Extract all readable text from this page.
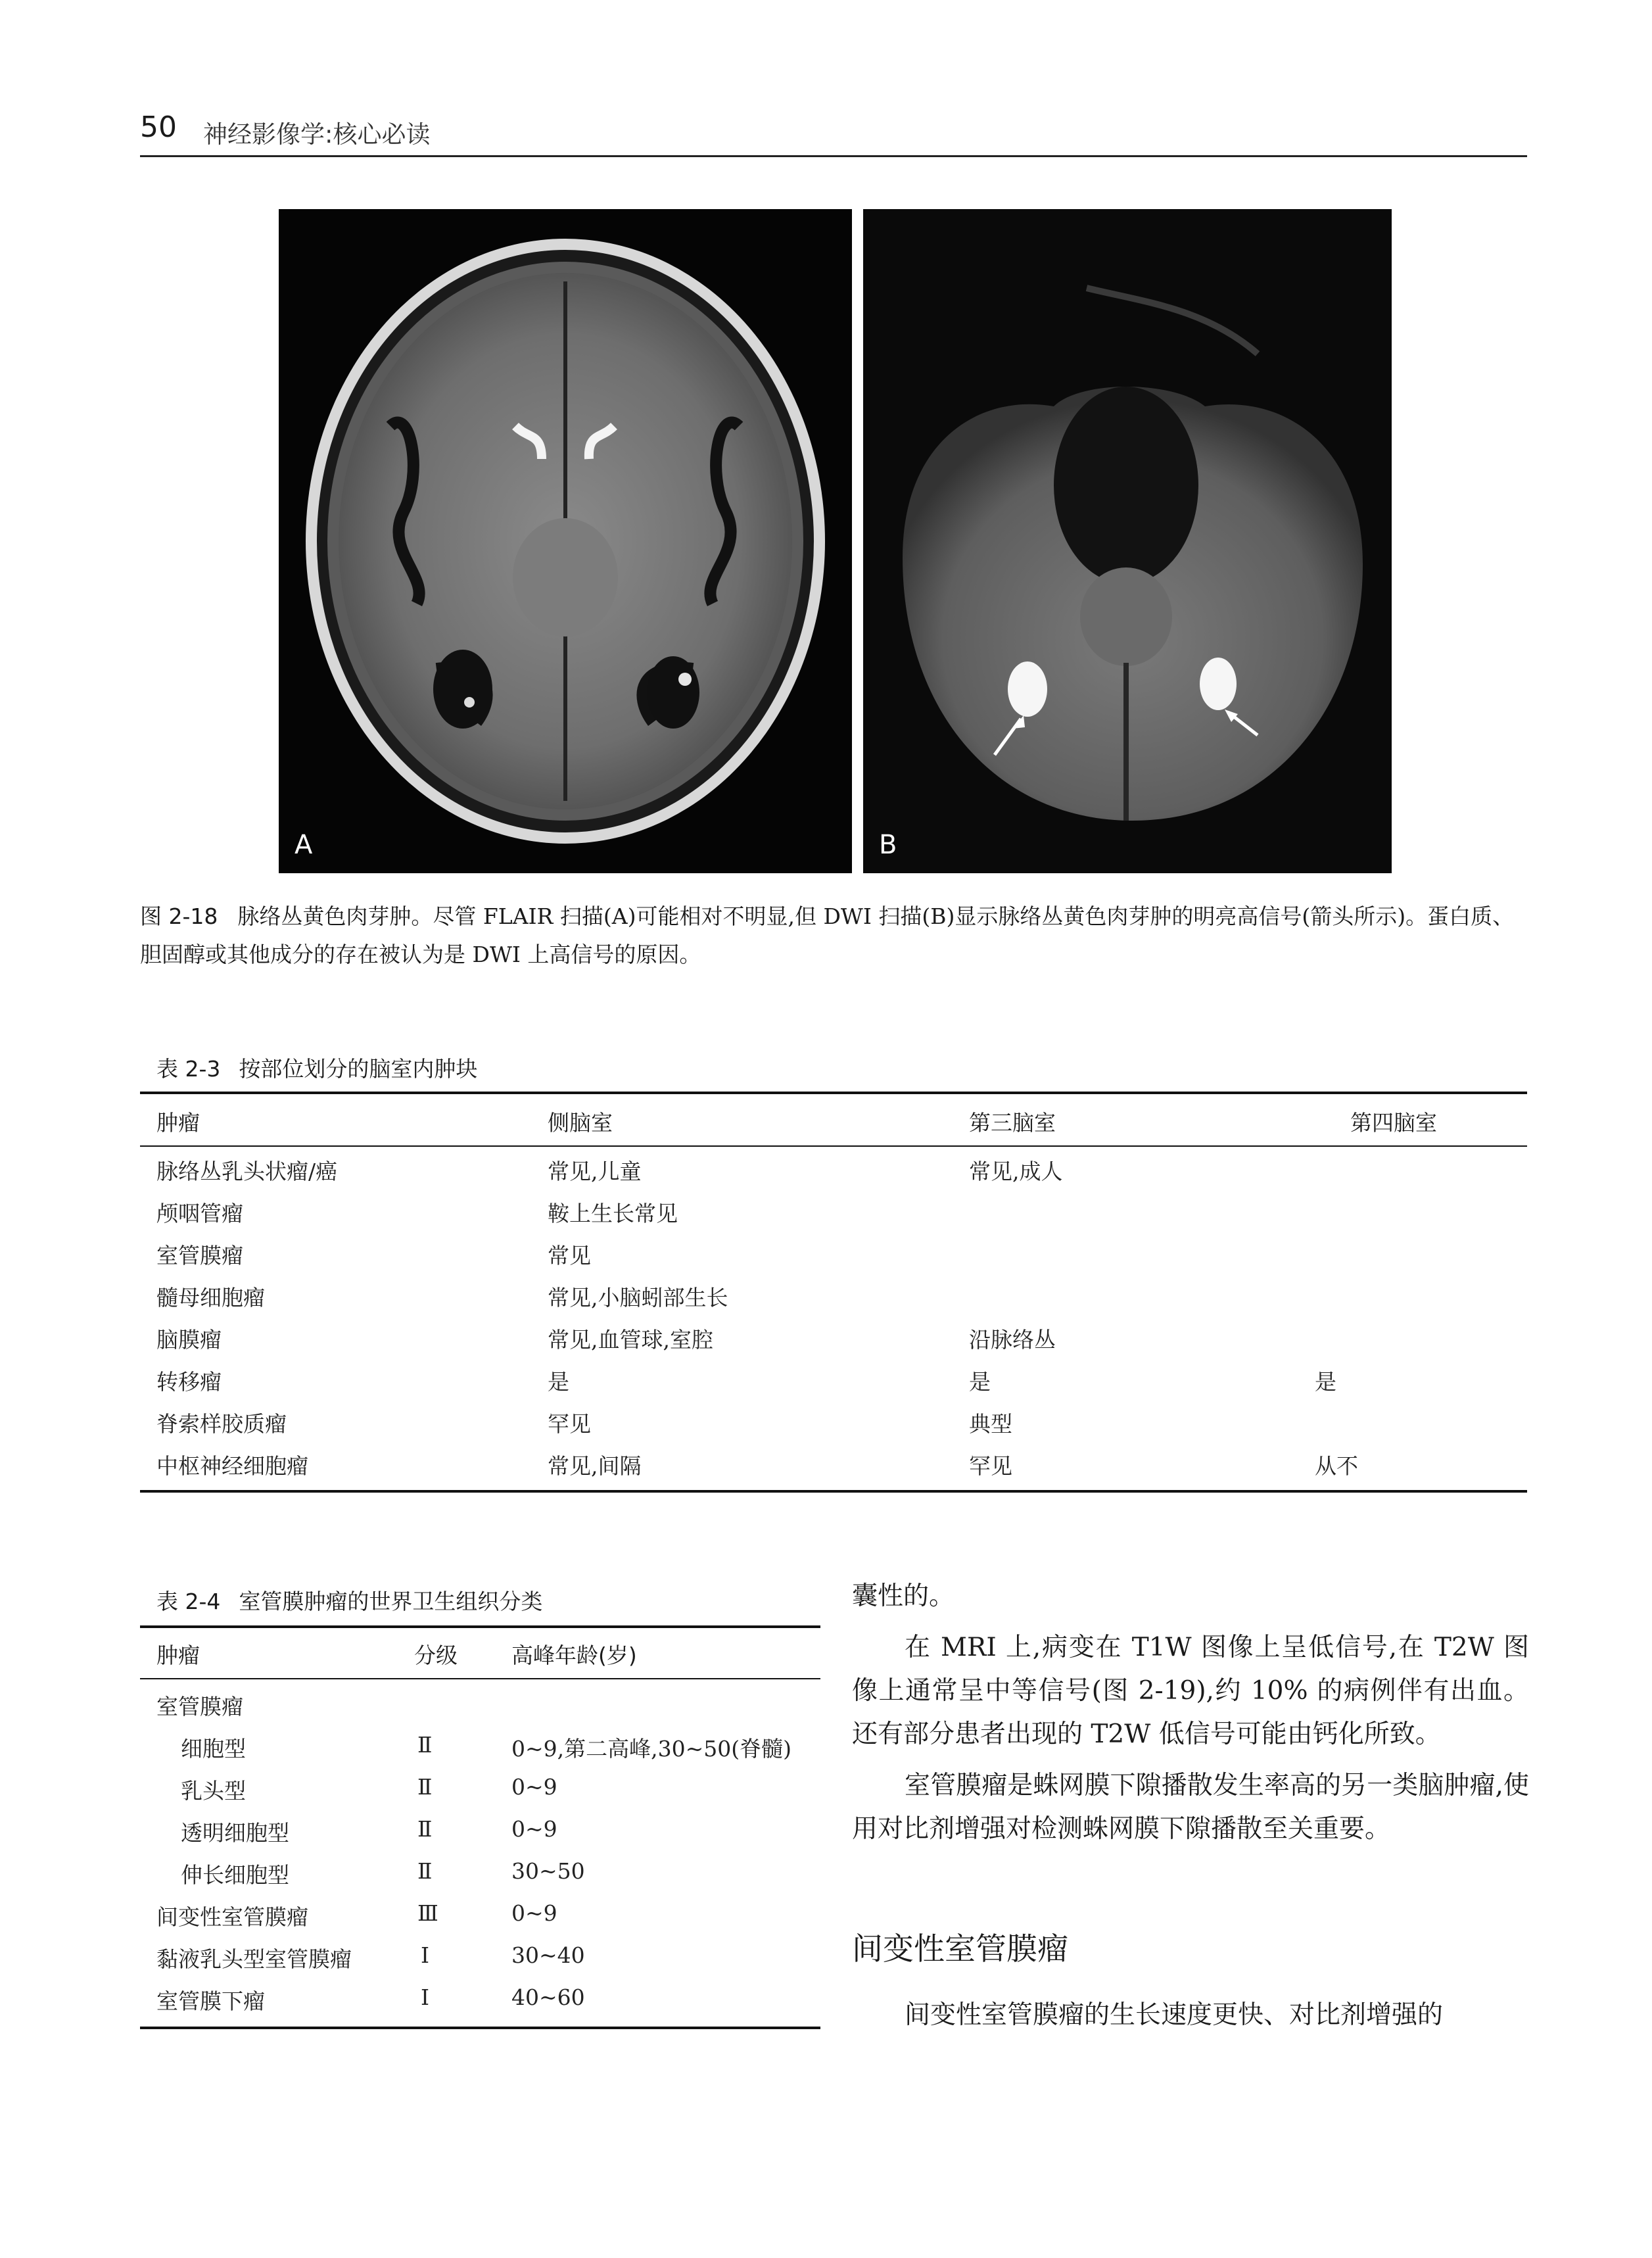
50 神经影像学:核心必读
A	B
图 2-18 脉络丛黄色肉芽肿。尽管 FLAIR 扫描(A)可能相对不明显,但 DWI 扫描(B)显示脉络丛黄色肉芽肿的明亮高信号(箭头所示)。蛋白质、胆固醇或其他成分的存在被认为是 DWI 上高信号的原因。
表 2-3 按部位划分的脑室内肿块
肿瘤	侧脑室	第三脑室	第四脑室
脉络丛乳头状瘤/癌	常见,儿童	常见,成人
颅咽管瘤	鞍上生长常见
室管膜瘤	常见
髓母细胞瘤	常见,小脑蚓部生长
脑膜瘤	常见,血管球,室腔	沿脉络丛
转移瘤	是	是	是
脊索样胶质瘤	罕见	典型
中枢神经细胞瘤	常见,间隔	罕见	从不
表 2-4 室管膜肿瘤的世界卫生组织分类
肿瘤	分级 高峰年龄(岁)
室管膜瘤
细胞型	Ⅱ	0~9,第二高峰,30~50(脊髓)
乳头型	Ⅱ	0~9
透明细胞型	Ⅱ	0~9
伸长细胞型	Ⅱ	30~50
间变性室管膜瘤	Ⅲ	0~9
黏液乳头型室管膜瘤	Ⅰ	30~40
室管膜下瘤	Ⅰ	40~60

囊性的。

在 MRI 上,病变在 T1W 图像上呈低信号,在 T2W 图像上通常呈中等信号(图 2-19),约 10% 的病例伴有出血。还有部分患者出现的 T2W 低信号可能由钙化所致。

室管膜瘤是蛛网膜下隙播散发生率高的另一类脑肿瘤,使用对比剂增强对检测蛛网膜下隙播散至关重要。

间变性室管膜瘤
间变性室管膜瘤的生长速度更快、对比剂增强的
